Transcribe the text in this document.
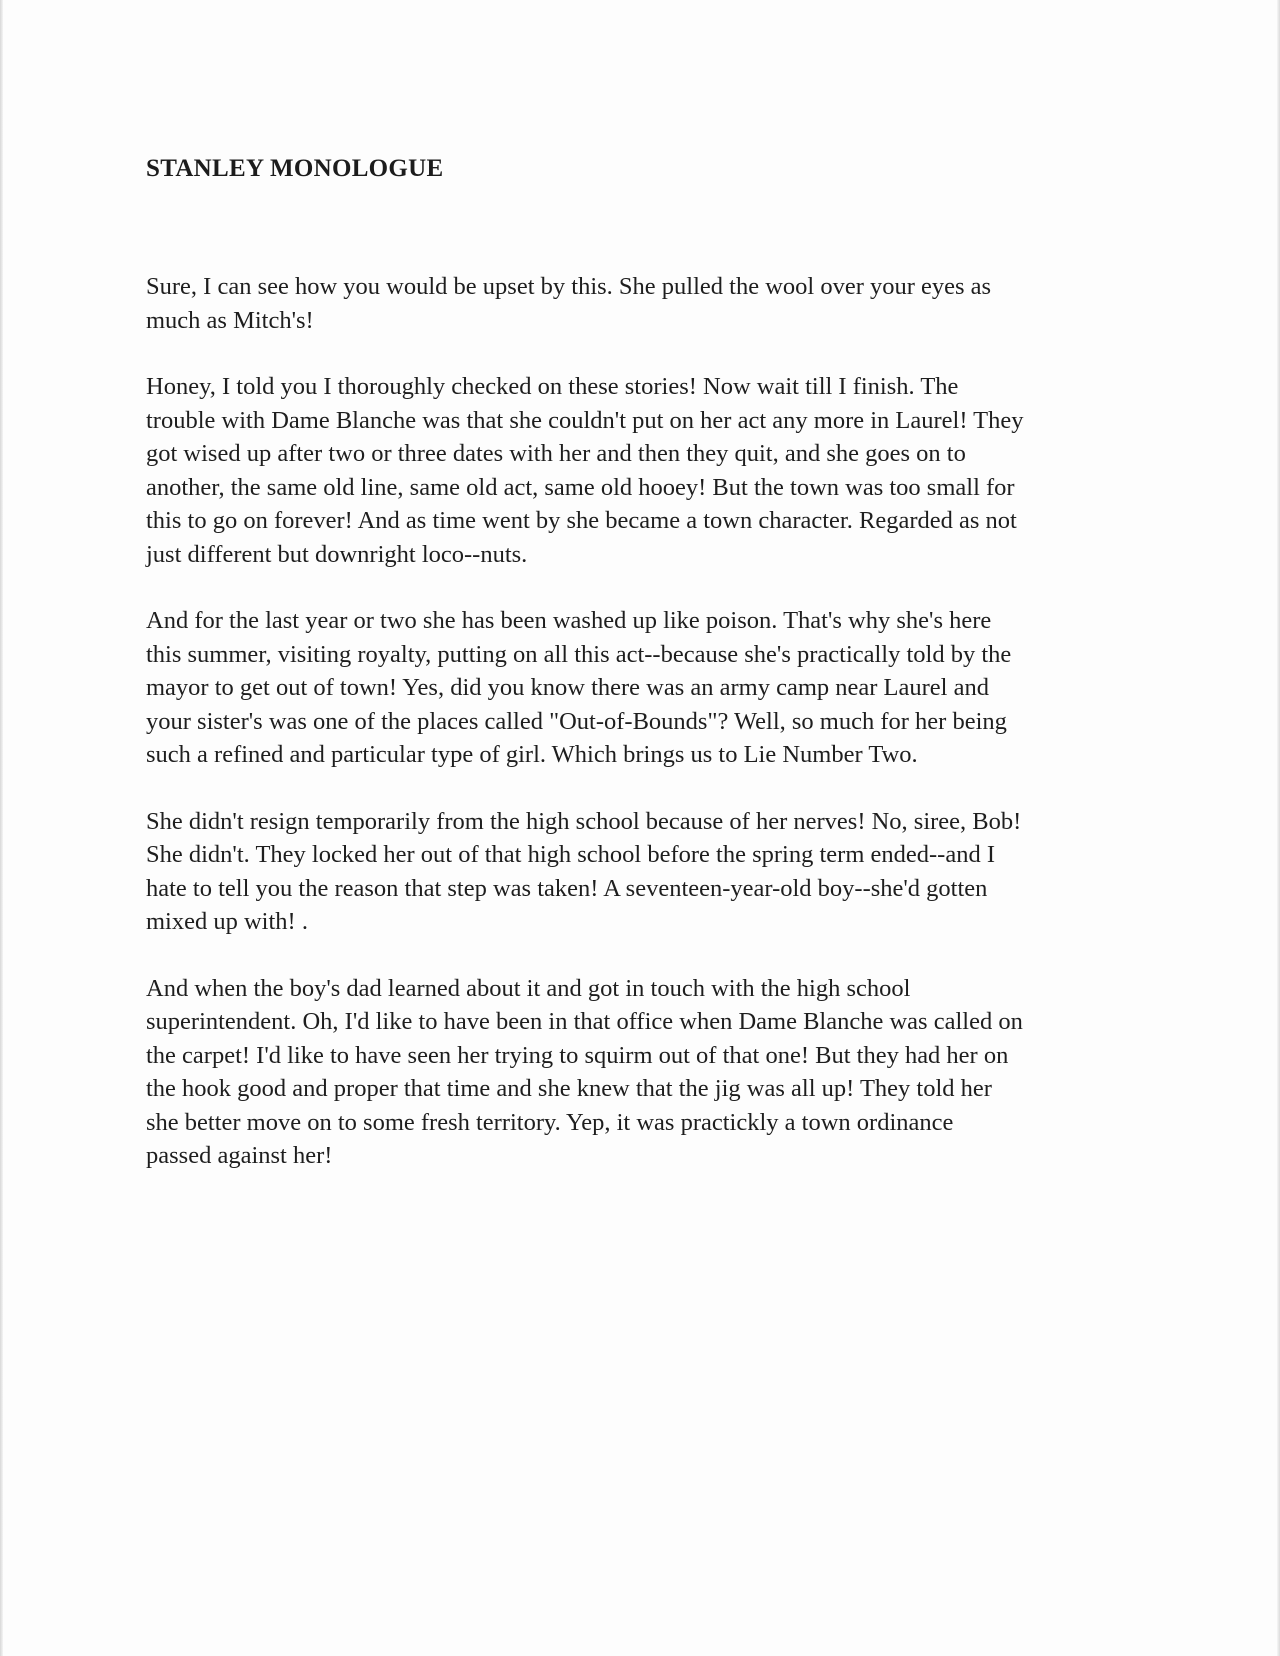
STANLEY MONOLOGUE

Sure, I can see how you would be upset by this. She pulled the wool over your eyes as
much as Mitch's!

Honey, I told you I thoroughly checked on these stories! Now wait till I finish. The
trouble with Dame Blanche was that she couldn't put on her act any more in Laurel! They
got wised up after two or three dates with her and then they quit, and she goes on to
another, the same old line, same old act, same old hooey! But the town was too small for
this to go on forever! And as time went by she became a town character. Regarded as not
just different but downright loco--nuts.

And for the last year or two she has been washed up like poison. That's why she's here
this summer, visiting royalty, putting on all this act--because she's practically told by the
mayor to get out of town! Yes, did you know there was an army camp near Laurel and
your sister's was one of the places called "Out-of-Bounds"? Well, so much for her being
such a refined and particular type of girl. Which brings us to Lie Number Two.

She didn't resign temporarily from the high school because of her nerves! No, siree, Bob!
She didn't. They locked her out of that high school before the spring term ended--and I
hate to tell you the reason that step was taken! A seventeen-year-old boy--she'd gotten
mixed up with! .

And when the boy's dad learned about it and got in touch with the high school
superintendent. Oh, I'd like to have been in that office when Dame Blanche was called on
the carpet! I'd like to have seen her trying to squirm out of that one! But they had her on
the hook good and proper that time and she knew that the jig was all up! They told her
she better move on to some fresh territory. Yep, it was practickly a town ordinance
passed against her!
